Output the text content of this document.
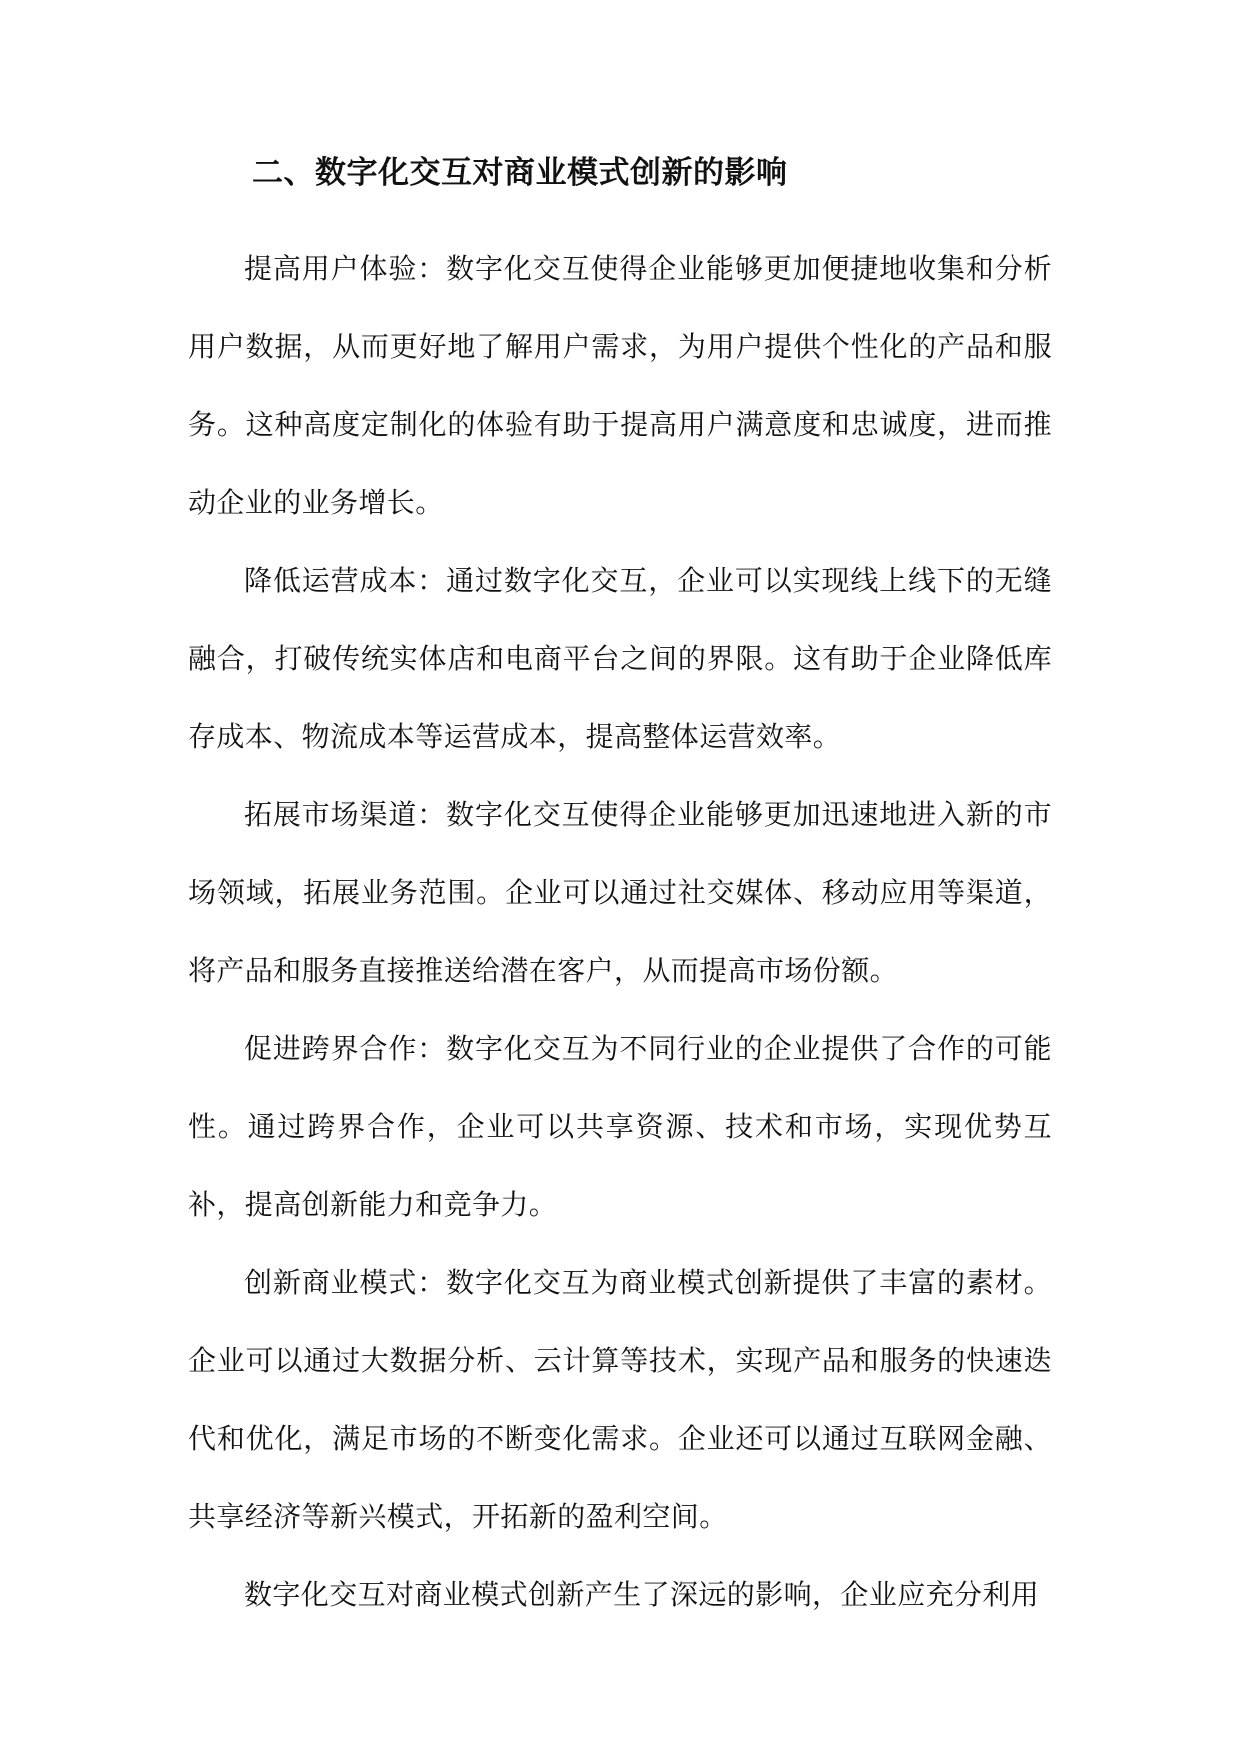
二、数字化交互对商业模式创新的影响

提高用户体验：数字化交互使得企业能够更加便捷地收集和分析用户数据，从而更好地了解用户需求，为用户提供个性化的产品和服务。这种高度定制化的体验有助于提高用户满意度和忠诚度，进而推动企业的业务增长。

降低运营成本：通过数字化交互，企业可以实现线上线下的无缝融合，打破传统实体店和电商平台之间的界限。这有助于企业降低库存成本、物流成本等运营成本，提高整体运营效率。

拓展市场渠道：数字化交互使得企业能够更加迅速地进入新的市场领域，拓展业务范围。企业可以通过社交媒体、移动应用等渠道，将产品和服务直接推送给潜在客户，从而提高市场份额。

促进跨界合作：数字化交互为不同行业的企业提供了合作的可能性。通过跨界合作，企业可以共享资源、技术和市场，实现优势互补，提高创新能力和竞争力。

创新商业模式：数字化交互为商业模式创新提供了丰富的素材。企业可以通过大数据分析、云计算等技术，实现产品和服务的快速迭代和优化，满足市场的不断变化需求。企业还可以通过互联网金融、共享经济等新兴模式，开拓新的盈利空间。

数字化交互对商业模式创新产生了深远的影响，企业应充分利用
